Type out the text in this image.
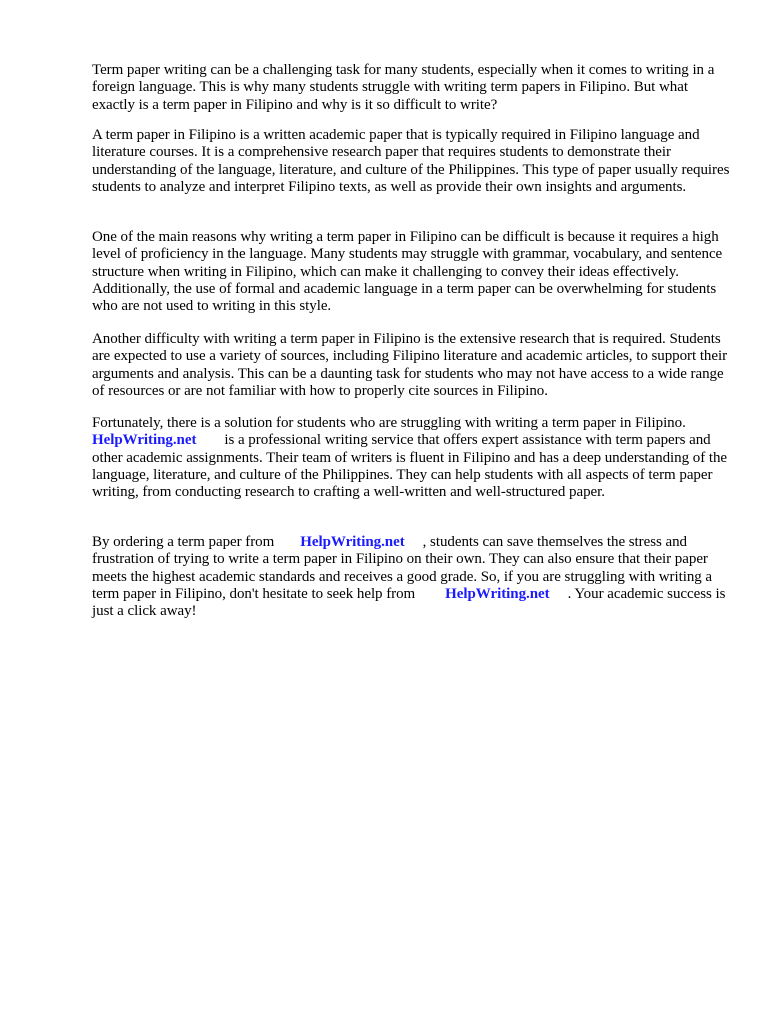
Term paper writing can be a challenging task for many students, especially when it comes to writing in a foreign language. This is why many students struggle with writing term papers in Filipino. But what exactly is a term paper in Filipino and why is it so difficult to write?

A term paper in Filipino is a written academic paper that is typically required in Filipino language and literature courses. It is a comprehensive research paper that requires students to demonstrate their understanding of the language, literature, and culture of the Philippines. This type of paper usually requires students to analyze and interpret Filipino texts, as well as provide their own insights and arguments.

One of the main reasons why writing a term paper in Filipino can be difficult is because it requires a high level of proficiency in the language. Many students may struggle with grammar, vocabulary, and sentence structure when writing in Filipino, which can make it challenging to convey their ideas effectively. Additionally, the use of formal and academic language in a term paper can be overwhelming for students who are not used to writing in this style.

Another difficulty with writing a term paper in Filipino is the extensive research that is required. Students are expected to use a variety of sources, including Filipino literature and academic articles, to support their arguments and analysis. This can be a daunting task for students who may not have access to a wide range of resources or are not familiar with how to properly cite sources in Filipino.

Fortunately, there is a solution for students who are struggling with writing a term paper in Filipino. HelpWriting.net is a professional writing service that offers expert assistance with term papers and other academic assignments. Their team of writers is fluent in Filipino and has a deep understanding of the language, literature, and culture of the Philippines. They can help students with all aspects of term paper writing, from conducting research to crafting a well-written and well-structured paper.

By ordering a term paper from HelpWriting.net , students can save themselves the stress and frustration of trying to write a term paper in Filipino on their own. They can also ensure that their paper meets the highest academic standards and receives a good grade. So, if you are struggling with writing a term paper in Filipino, don't hesitate to seek help from HelpWriting.net . Your academic success is just a click away!
